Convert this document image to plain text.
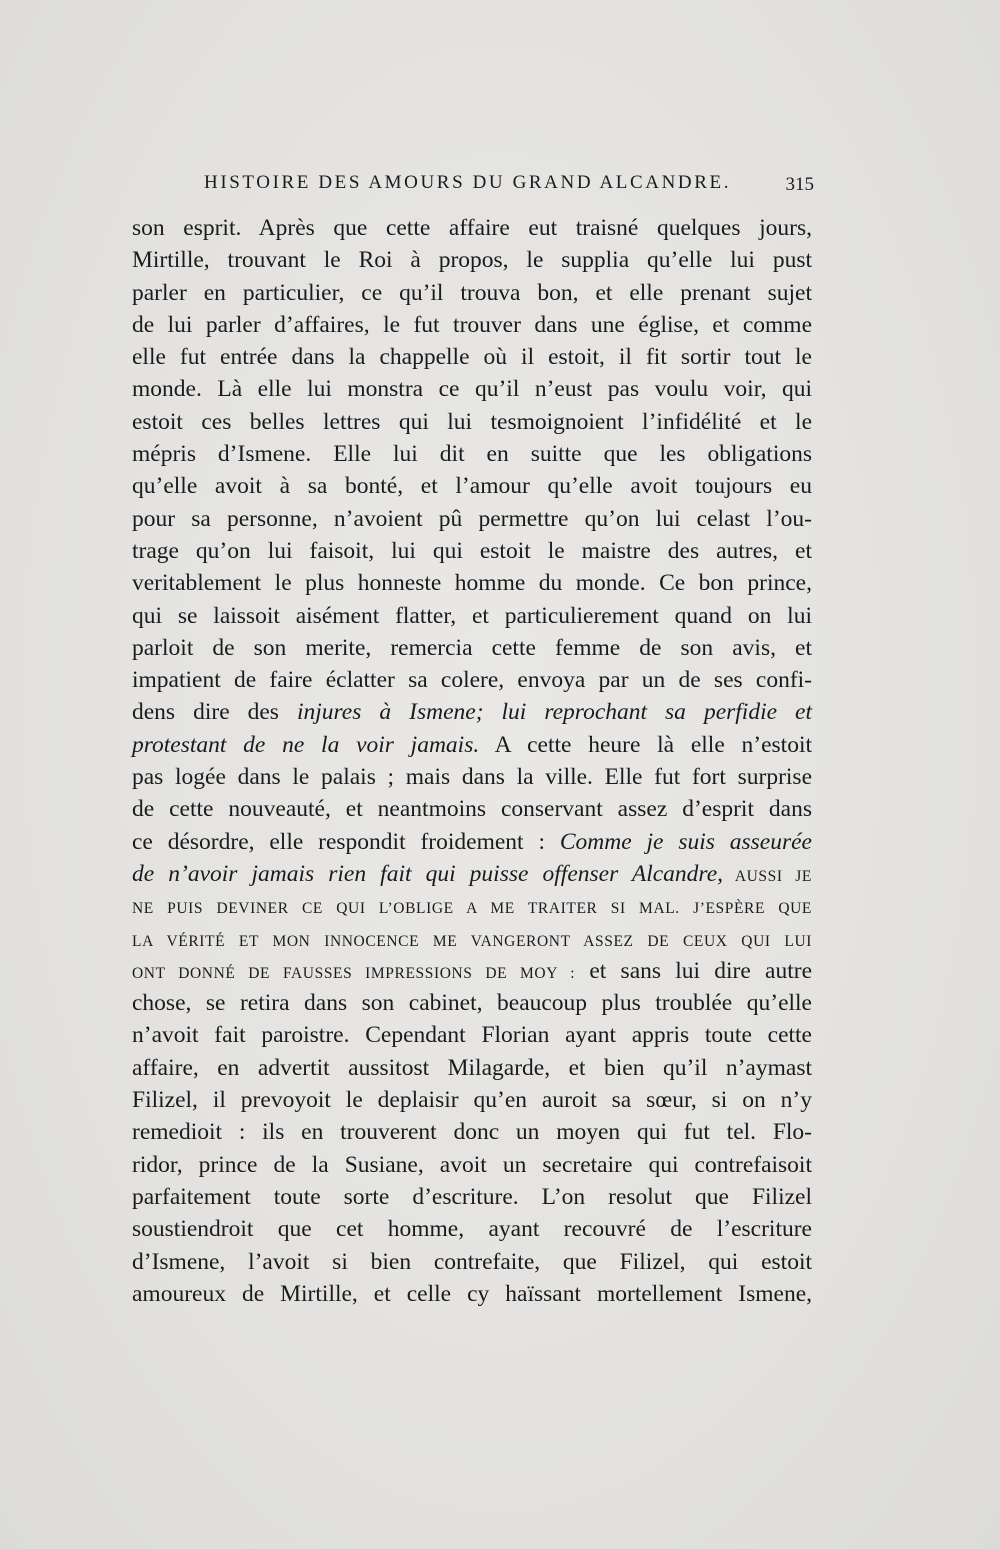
HISTOIRE DES AMOURS DU GRAND ALCANDRE.	315
son esprit. Après que cette affaire eut traisné quelques jours,
Mirtille, trouvant le Roi à propos, le supplia qu’elle lui pust
parler en particulier, ce qu’il trouva bon, et elle prenant sujet
de lui parler d’affaires, le fut trouver dans une église, et comme
elle fut entrée dans la chappelle où il estoit, il fit sortir tout le
monde. Là elle lui monstra ce qu’il n’eust pas voulu voir, qui
estoit ces belles lettres qui lui tesmoignoient l’infidélité et le
mépris d’Ismene. Elle lui dit en suitte que les obligations
qu’elle avoit à sa bonté, et l’amour qu’elle avoit toujours eu
pour sa personne, n’avoient pû permettre qu’on lui celast l’ou-
trage qu’on lui faisoit, lui qui estoit le maistre des autres, et
veritablement le plus honneste homme du monde. Ce bon prince,
qui se laissoit aisément flatter, et particulierement quand on lui
parloit de son merite, remercia cette femme de son avis, et
impatient de faire éclatter sa colere, envoya par un de ses confi-
dens dire des injures à Ismene; lui reprochant sa perfidie et
protestant de ne la voir jamais. A cette heure là elle n’estoit
pas logée dans le palais ; mais dans la ville. Elle fut fort surprise
de cette nouveauté, et neantmoins conservant assez d’esprit dans
ce désordre, elle respondit froidement : Comme je suis asseurée
de n’avoir jamais rien fait qui puisse offenser Alcandre, AUSSI JE
NE PUIS DEVINER CE QUI L’OBLIGE A ME TRAITER SI MAL. J’ESPÈRE QUE
LA VÉRITÉ ET MON INNOCENCE ME VANGERONT ASSEZ DE CEUX QUI LUI
ONT DONNÉ DE FAUSSES IMPRESSIONS DE MOY : et sans lui dire autre
chose, se retira dans son cabinet, beaucoup plus troublée qu’elle
n’avoit fait paroistre. Cependant Florian ayant appris toute cette
affaire, en advertit aussitost Milagarde, et bien qu’il n’aymast
Filizel, il prevoyoit le deplaisir qu’en auroit sa sœur, si on n’y
remedioit : ils en trouverent donc un moyen qui fut tel. Flo-
ridor, prince de la Susiane, avoit un secretaire qui contrefaisoit
parfaitement toute sorte d’escriture. L’on resolut que Filizel
soustiendroit que cet homme, ayant recouvré de l’escriture
d’Ismene, l’avoit si bien contrefaite, que Filizel, qui estoit
amoureux de Mirtille, et celle cy haïssant mortellement Ismene,
